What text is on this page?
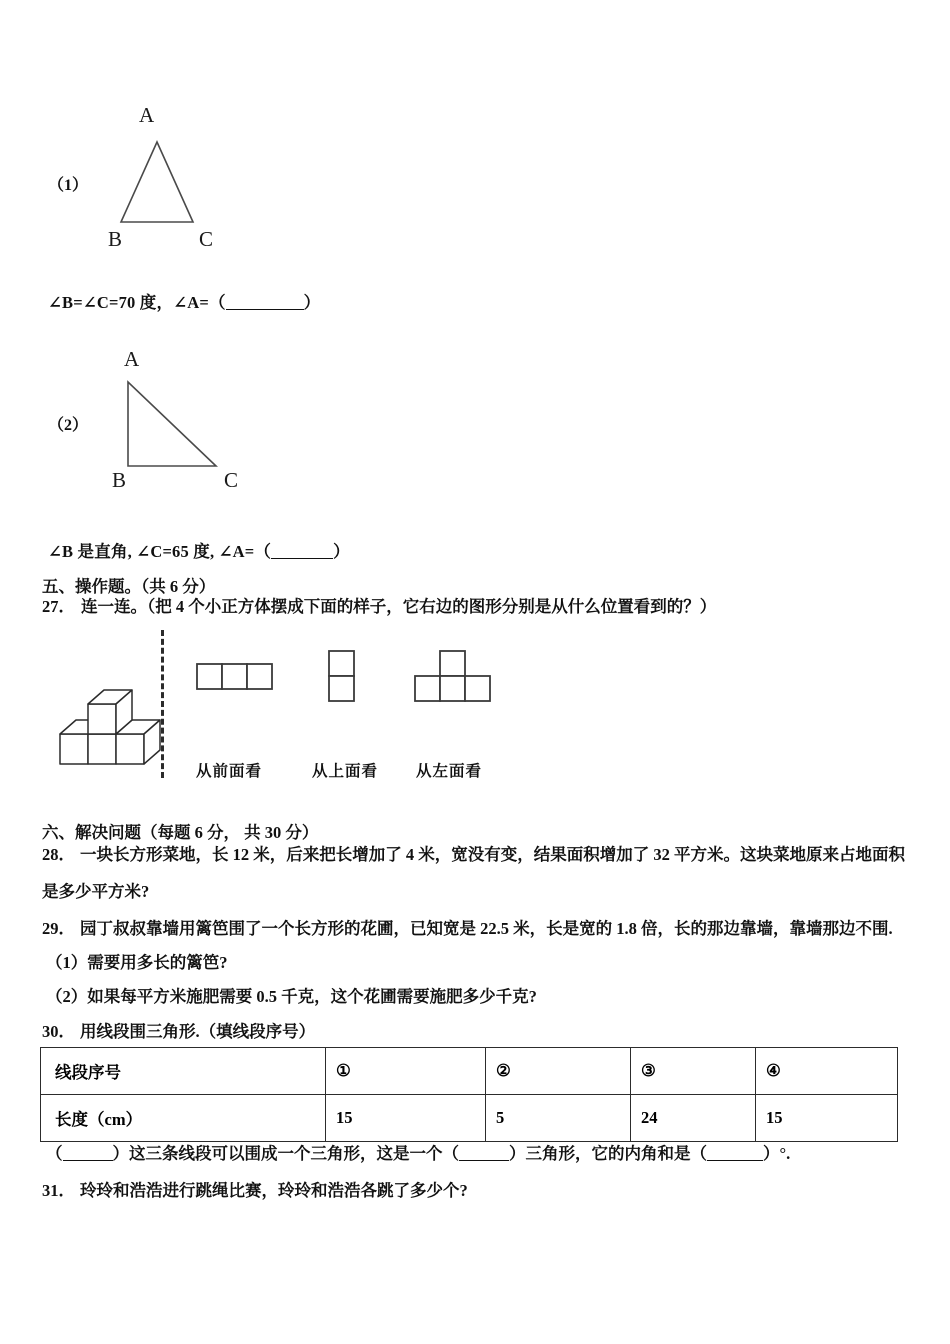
（1）
A
B	C
∠B=∠C=70 度，∠A=（	）
（2）
A
B	C
∠B 是直角, ∠C=65 度, ∠A=（	）
五、操作题。（共 6 分）
27． 连一连。（把 4 个小正方体摆成下面的样子，它右边的图形分别是从什么位置看到的？）
从前面看	从上面看 从左面看
六、解决问题（每题 6 分， 共 30 分）
28． 一块长方形菜地，长 12 米，后来把长增加了 4 米，宽没有变，结果面积增加了 32 平方米。这块菜地原来占地面积
是多少平方米?
29． 园丁叔叔靠墙用篱笆围了一个长方形的花圃，已知宽是 22.5 米，长是宽的 1.8 倍，长的那边靠墙，靠墙那边不围.
（1）需要用多长的篱笆?
（2）如果每平方米施肥需要 0.5 千克，这个花圃需要施肥多少千克?
30． 用线段围三角形.（填线段序号）
线段序号	①	②	③	④
长度（cm）	15	5	24	15
（	）这三条线段可以围成一个三角形，这是一个（	）三角形，它的内角和是（	）°.
31． 玲玲和浩浩进行跳绳比赛，玲玲和浩浩各跳了多少个?
